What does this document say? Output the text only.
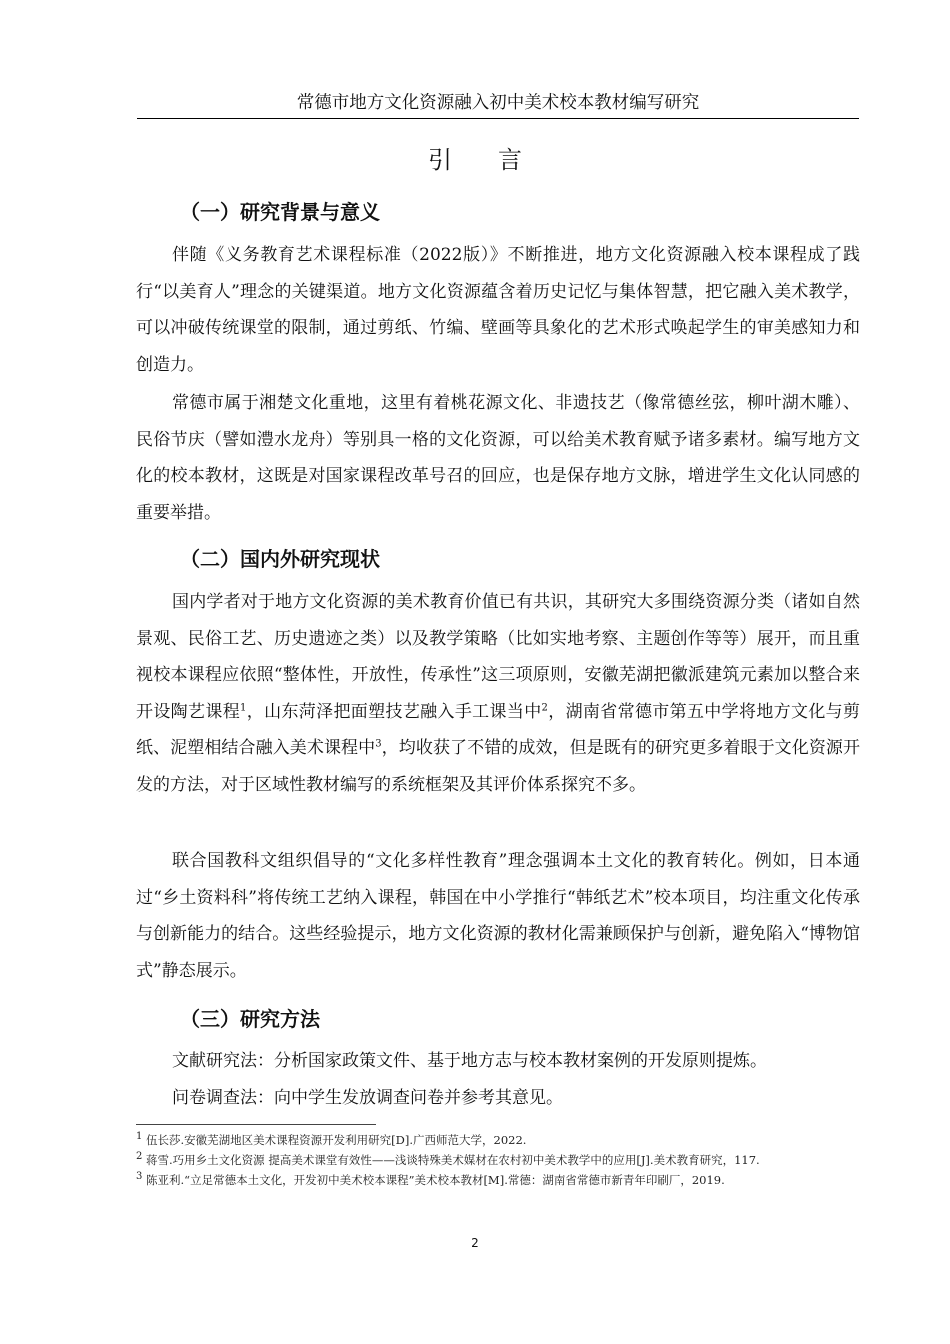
常德市地方文化资源融入初中美术校本教材编写研究
引言
（一）研究背景与意义

伴随《义务教育艺术课程标准（2022版）》不断推进，地方文化资源融入校本课程成了践行“以美育人”理念的关键渠道。地方文化资源蕴含着历史记忆与集体智慧，把它融入美术教学，可以冲破传统课堂的限制，通过剪纸、竹编、壁画等具象化的艺术形式唤起学生的审美感知力和创造力。

常德市属于湘楚文化重地，这里有着桃花源文化、非遗技艺（像常德丝弦，柳叶湖木雕）、民俗节庆（譬如澧水龙舟）等别具一格的文化资源，可以给美术教育赋予诸多素材。编写地方文化的校本教材，这既是对国家课程改革号召的回应，也是保存地方文脉，增进学生文化认同感的重要举措。

（二）国内外研究现状

国内学者对于地方文化资源的美术教育价值已有共识，其研究大多围绕资源分类（诸如自然景观、民俗工艺、历史遗迹之类）以及教学策略（比如实地考察、主题创作等等）展开，而且重视校本课程应依照“整体性，开放性，传承性”这三项原则，安徽芜湖把徽派建筑元素加以整合来开设陶艺课程$^1$，山东菏泽把面塑技艺融入手工课当中$^2$，湖南省常德市第五中学将地方文化与剪纸、泥塑相结合融入美术课程中$^3$，均收获了不错的成效，但是既有的研究更多着眼于文化资源开发的方法，对于区域性教材编写的系统框架及其评价体系探究不多。

联合国教科文组织倡导的“文化多样性教育”理念强调本土文化的教育转化。例如，日本通过“乡土资料科”将传统工艺纳入课程，韩国在中小学推行“韩纸艺术”校本项目，均注重文化传承与创新能力的结合。这些经验提示，地方文化资源的教材化需兼顾保护与创新，避免陷入“博物馆式”静态展示。

（三）研究方法

文献研究法：分析国家政策文件、基于地方志与校本教材案例的开发原则提炼。

问卷调查法：向中学生发放调查问卷并参考其意见。

$^1$ 伍长莎.安徽芜湖地区美术课程资源开发利用研究[D].广西师范大学，2022.

$^2$ 蒋雪.巧用乡土文化资源 提高美术课堂有效性——浅谈特殊美术媒材在农村初中美术教学中的应用[J].美术教育研究，117.

$^3$ 陈亚利.“立足常德本土文化，开发初中美术校本课程”美术校本教材[M].常德：湖南省常德市新青年印刷厂，2019.

2
